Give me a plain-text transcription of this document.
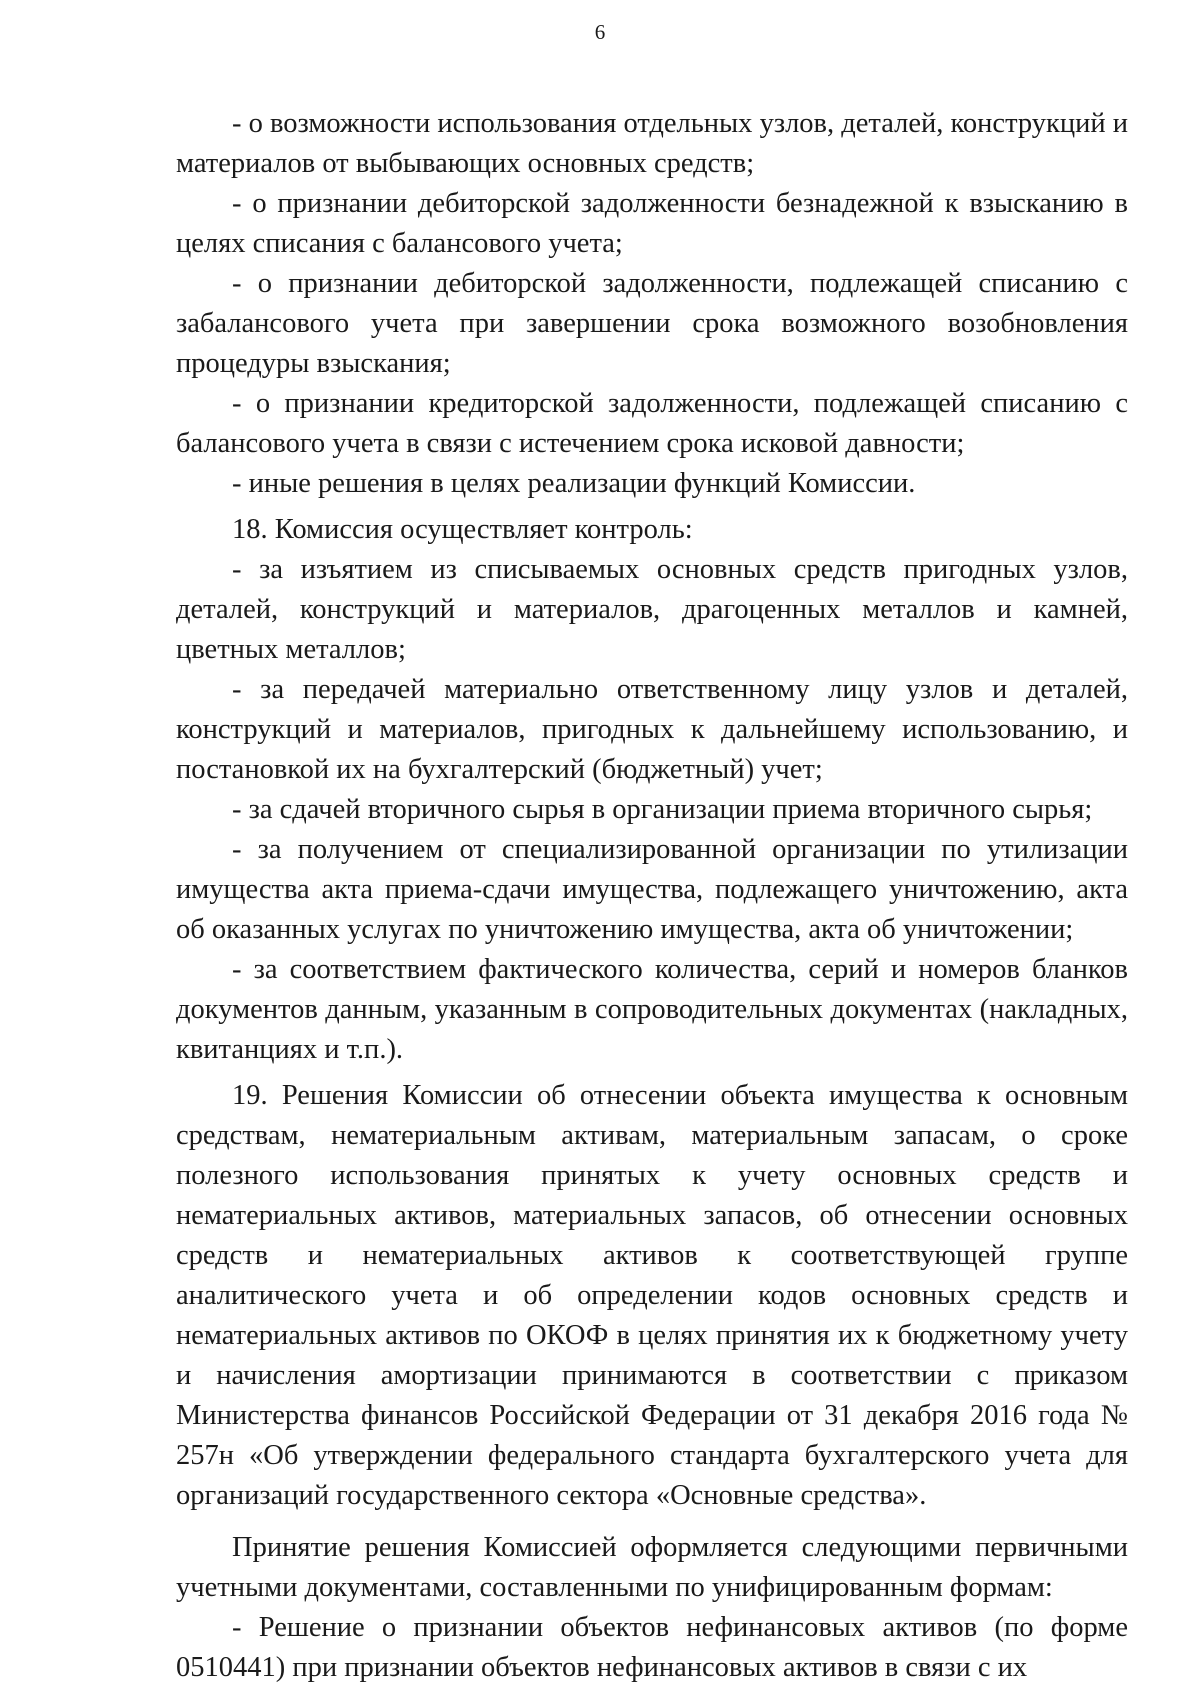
6

- о возможности использования отдельных узлов, деталей, конструкций и материалов от выбывающих основных средств;

- о признании дебиторской задолженности безнадежной к взысканию в целях списания с балансового учета;

- о признании дебиторской задолженности, подлежащей списанию с забалансового учета при завершении срока возможного возобновления процедуры взыскания;

- о признании кредиторской задолженности, подлежащей списанию с балансового учета в связи с истечением срока исковой давности;

- иные решения в целях реализации функций Комиссии.

18. Комиссия осуществляет контроль:

- за изъятием из списываемых основных средств пригодных узлов, деталей, конструкций и материалов, драгоценных металлов и камней, цветных металлов;

- за передачей материально ответственному лицу узлов и деталей, конструкций и материалов, пригодных к дальнейшему использованию, и постановкой их на бухгалтерский (бюджетный) учет;

- за сдачей вторичного сырья в организации приема вторичного сырья;

- за получением от специализированной организации по утилизации имущества акта приема-сдачи имущества, подлежащего уничтожению, акта об оказанных услугах по уничтожению имущества, акта об уничтожении;

- за соответствием фактического количества, серий и номеров бланков документов данным, указанным в сопроводительных документах (накладных, квитанциях и т.п.).

19. Решения Комиссии об отнесении объекта имущества к основным средствам, нематериальным активам, материальным запасам, о сроке полезного использования принятых к учету основных средств и нематериальных активов, материальных запасов, об отнесении основных средств и нематериальных активов к соответствующей группе аналитического учета и об определении кодов основных средств и нематериальных активов по ОКОФ в целях принятия их к бюджетному учету и начисления амортизации принимаются в соответствии с приказом Министерства финансов Российской Федерации от 31 декабря 2016 года № 257н «Об утверждении федерального стандарта бухгалтерского учета для организаций государственного сектора «Основные средства».

Принятие решения Комиссией оформляется следующими первичными учетными документами, составленными по унифицированным формам:

- Решение о признании объектов нефинансовых активов (по форме 0510441) при признании объектов нефинансовых активов в связи с их
